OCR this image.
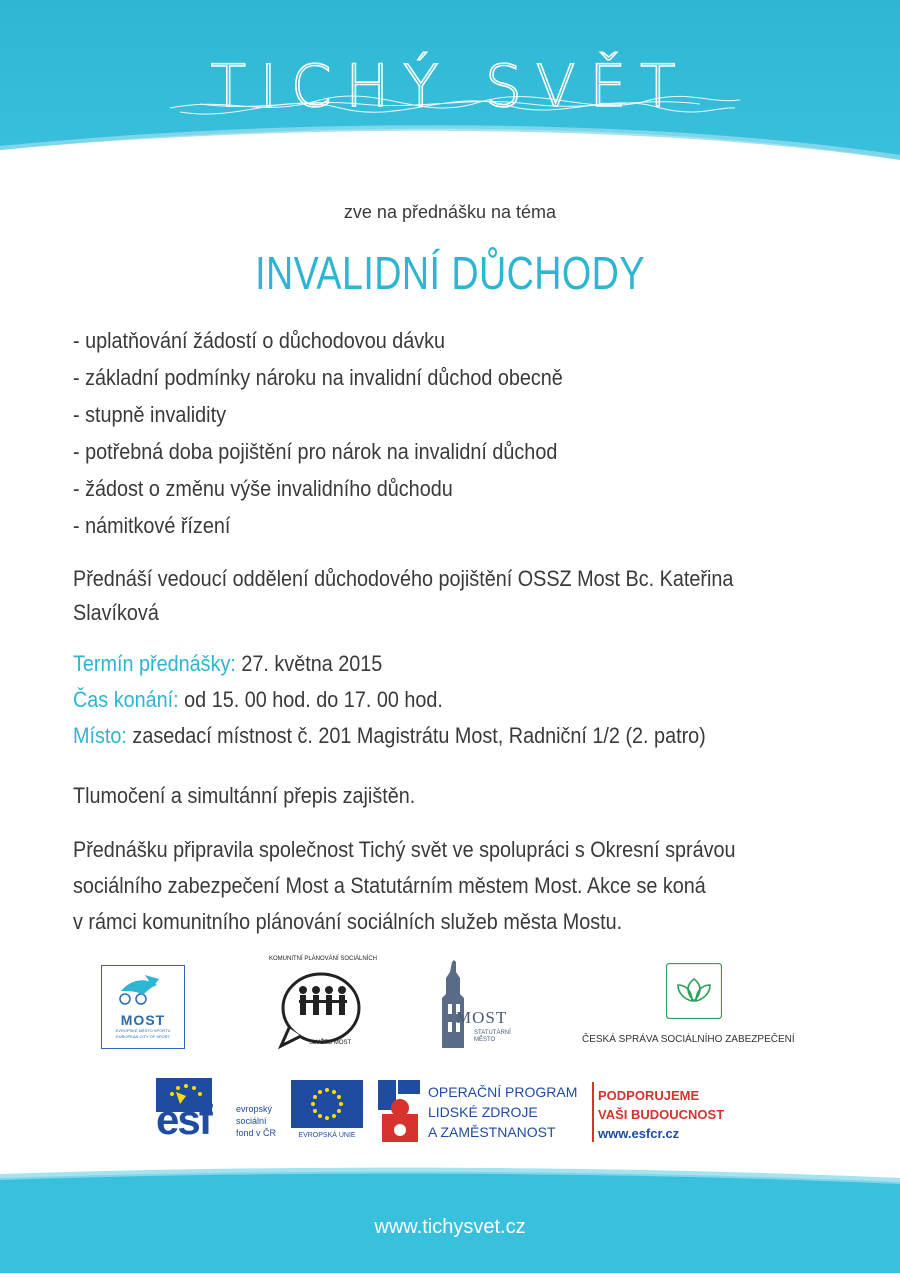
TICHÝ SVĚT
zve na přednášku na téma
INVALIDNÍ DŮCHODY
- uplatňování žádostí o důchodovou dávku
- základní podmínky nároku na invalidní důchod obecně
- stupně invalidity
- potřebná doba pojištění pro nárok na invalidní důchod
- žádost o změnu výše invalidního důchodu
- námitkové řízení
Přednáší vedoucí oddělení důchodového pojištění OSSZ Most Bc. Kateřina
Slavíková
Termín přednášky: 27. května 2015
Čas konání: od 15. 00 hod. do 17. 00 hod.
Místo: zasedací místnost č. 201 Magistrátu Most, Radniční 1/2 (2. patro)
Tlumočení a simultánní přepis zajištěn.
Přednášku připravila společnost Tichý svět ve spolupráci s Okresní správou
sociálního zabezpečení Most a Statutárním městem Most. Akce se koná
v rámci komunitního plánování sociálních služeb města Mostu.
MOST
EVROPSKÉ MĚSTO SPORTU
EUROPEAN CITY OF SPORT
KOMUNITNÍ PLÁNOVÁNÍ SOCIÁLNÍCH
SLUŽEB MOST
MOST
STATUTÁRNÍ
MĚSTO	ČESKÁ SPRÁVA SOCIÁLNÍHO ZABEZPEČENÍ
esf	evropský
sociální
fond v ČR	EVROPSKÁ UNIE
OPERAČNÍ PROGRAM
LIDSKÉ ZDROJE
A ZAMĚSTNANOST
PODPORUJEME
VAŠI BUDOUCNOST
www.esfcr.cz
www.tichysvet.cz
